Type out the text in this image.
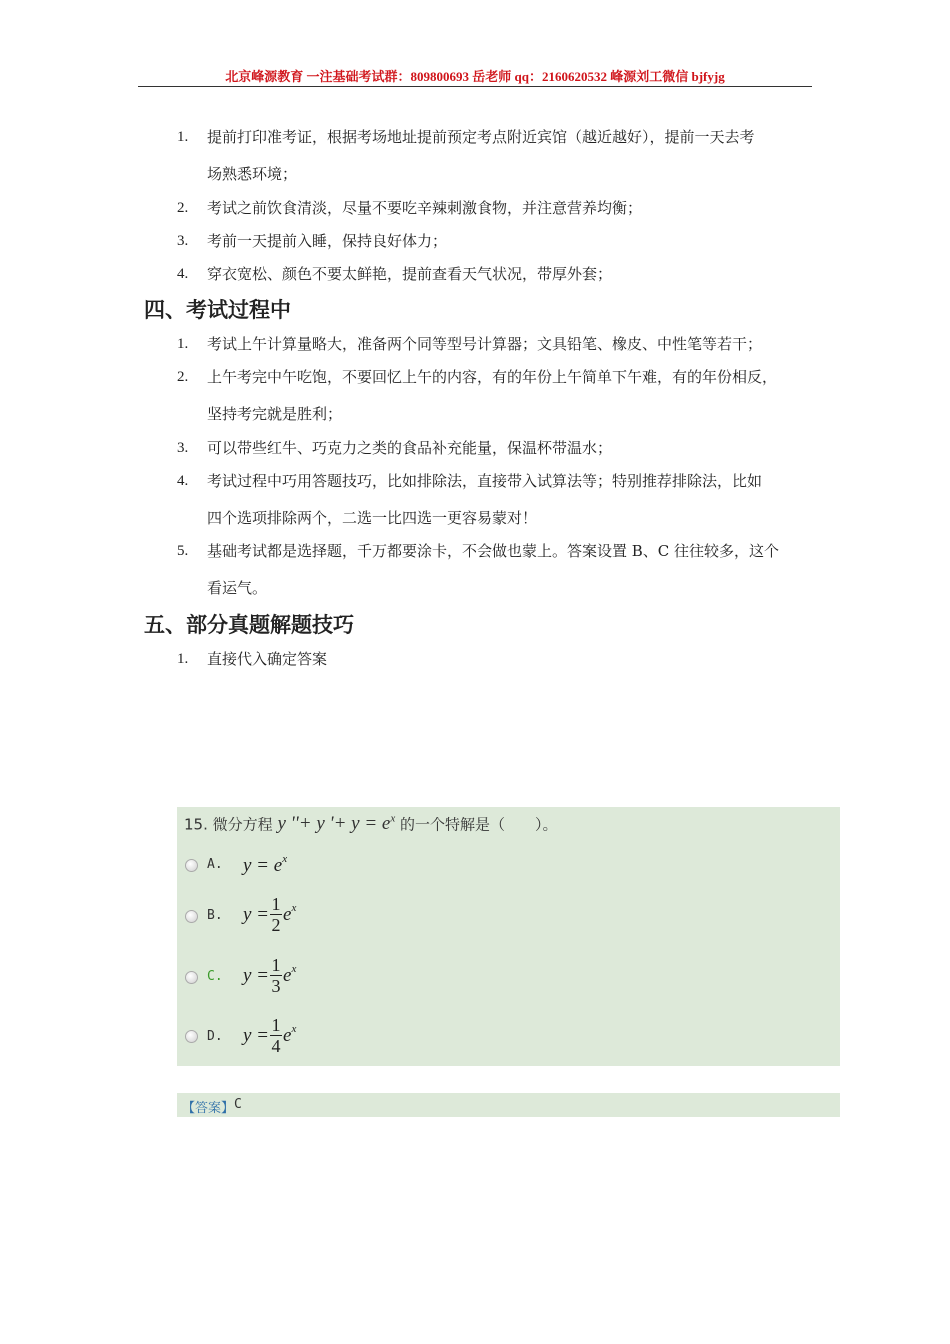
北京峰源教育 一注基础考试群：809800693 岳老师 qq：2160620532 峰源刘工微信 bjfyjg
1.	提前打印准考证，根据考场地址提前预定考点附近宾馆（越近越好），提前一天去考
场熟悉环境；
2.	考试之前饮食清淡，尽量不要吃辛辣刺激食物，并注意营养均衡；
3.	考前一天提前入睡，保持良好体力；
4.	穿衣宽松、颜色不要太鲜艳，提前查看天气状况，带厚外套；
四、考试过程中
1.	考试上午计算量略大，准备两个同等型号计算器；文具铅笔、橡皮、中性笔等若干；
2.	上午考完中午吃饱，不要回忆上午的内容，有的年份上午简单下午难，有的年份相反，
坚持考完就是胜利；
3.	可以带些红牛、巧克力之类的食品补充能量，保温杯带温水；
4.	考试过程中巧用答题技巧，比如排除法，直接带入试算法等；特别推荐排除法，比如
四个选项排除两个，二选一比四选一更容易蒙对！
5.	基础考试都是选择题，千万都要涂卡，不会做也蒙上。答案设置 B、C 往往较多，这个
看运气。
五、部分真题解题技巧
1.	直接代入确定答案
15. 微分方程 y ''+ y '+ $y = e^x$ 的一个特解是（　　）。
A. $y = e^x$
B. $y = \frac{1}{2} e^x$
C. $y = \frac{1}{3} e^x$
D. $y = \frac{1}{4} e^x$
【答案】 C
